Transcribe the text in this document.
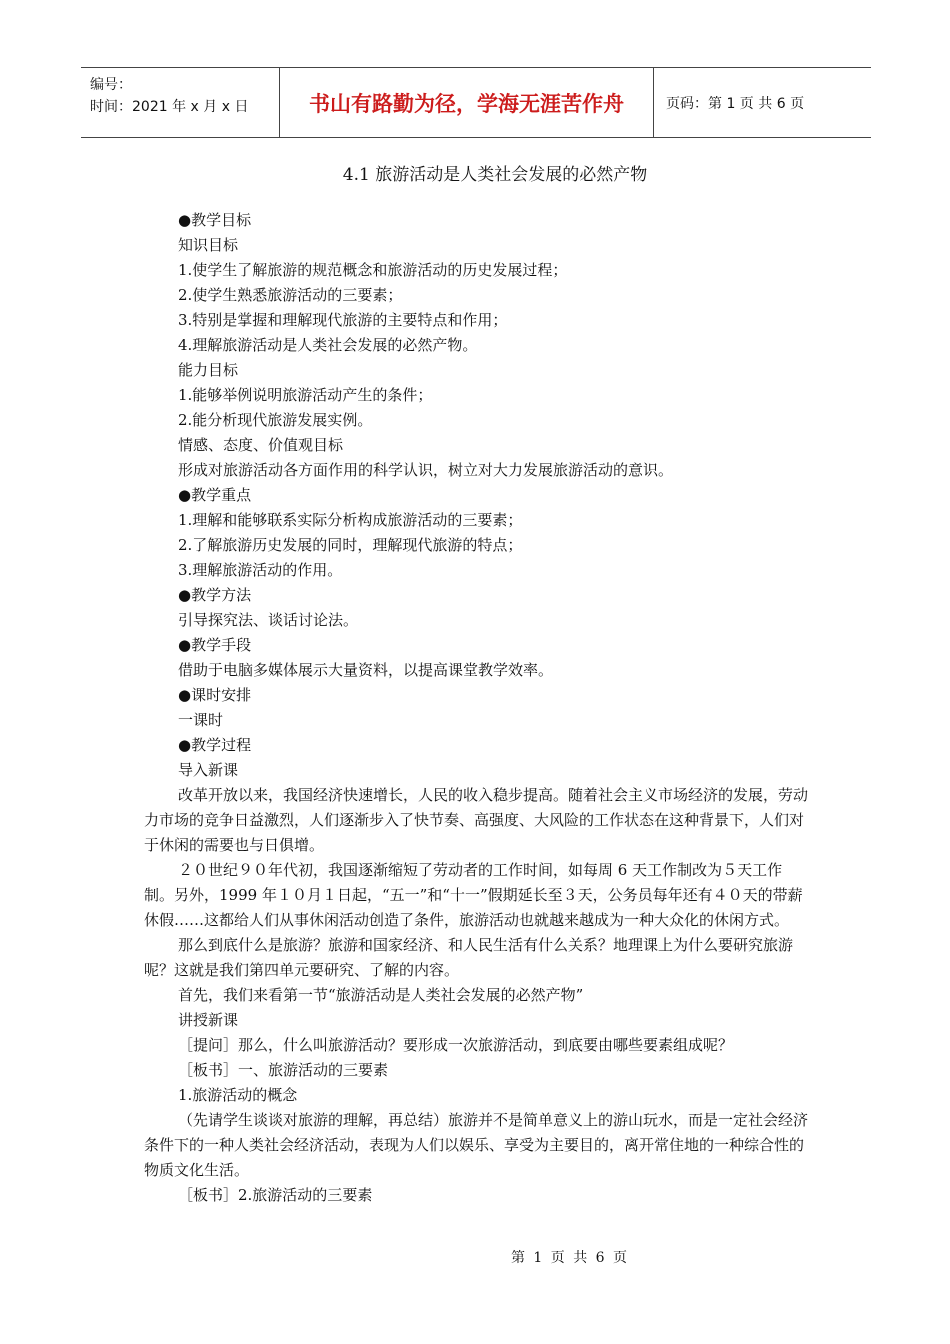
编号：
时间：2021 年 x 月 x 日	书山有路勤为径，学海无涯苦作舟	页码：第 1 页 共 6 页
4.1 旅游活动是人类社会发展的必然产物

●教学目标

知识目标

1.使学生了解旅游的规范概念和旅游活动的历史发展过程；

2.使学生熟悉旅游活动的三要素；

3.特别是掌握和理解现代旅游的主要特点和作用；

4.理解旅游活动是人类社会发展的必然产物。

能力目标

1.能够举例说明旅游活动产生的条件；

2.能分析现代旅游发展实例。

情感、态度、价值观目标

形成对旅游活动各方面作用的科学认识，树立对大力发展旅游活动的意识。

●教学重点

1.理解和能够联系实际分析构成旅游活动的三要素；

2.了解旅游历史发展的同时，理解现代旅游的特点；

3.理解旅游活动的作用。

●教学方法

引导探究法、谈话讨论法。

●教学手段

借助于电脑多媒体展示大量资料，以提高课堂教学效率。

●课时安排

一课时

●教学过程

导入新课

改革开放以来，我国经济快速增长，人民的收入稳步提高。随着社会主义市场经济的发展，劳动力市场的竞争日益激烈，人们逐渐步入了快节奏、高强度、大风险的工作状态在这种背景下，人们对于休闲的需要也与日俱增。

２０世纪９０年代初，我国逐渐缩短了劳动者的工作时间，如每周 6 天工作制改为５天工作制。另外，1999 年１０月１日起，“五一”和“十一”假期延长至３天，公务员每年还有４０天的带薪休假……这都给人们从事休闲活动创造了条件，旅游活动也就越来越成为一种大众化的休闲方式。

那么到底什么是旅游？旅游和国家经济、和人民生活有什么关系？地理课上为什么要研究旅游呢？这就是我们第四单元要研究、了解的内容。

首先，我们来看第一节“旅游活动是人类社会发展的必然产物”

讲授新课

［提问］那么，什么叫旅游活动？要形成一次旅游活动，到底要由哪些要素组成呢？

［板书］一、旅游活动的三要素

1.旅游活动的概念

（先请学生谈谈对旅游的理解，再总结）旅游并不是简单意义上的游山玩水，而是一定社会经济条件下的一种人类社会经济活动，表现为人们以娱乐、享受为主要目的，离开常住地的一种综合性的物质文化生活。

［板书］2.旅游活动的三要素

第 1 页 共 6 页
